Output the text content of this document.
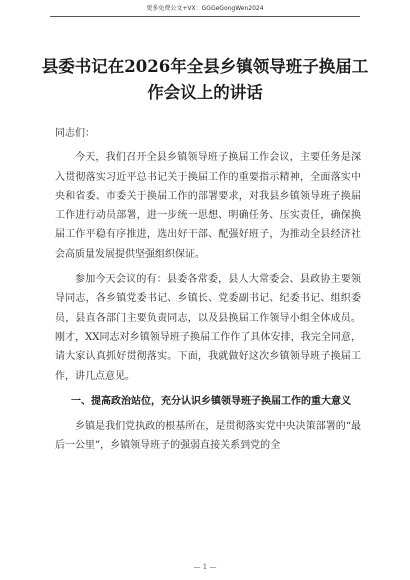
更多免费公文+VX：GGGeGongWen2024
县委书记在2026年全县乡镇领导班子换届工作会议上的讲话

同志们：

今天，我们召开全县乡镇领导班子换届工作会议，主要任务是深入贯彻落实习近平总书记关于换届工作的重要指示精神，全面落实中央和省委、市委关于换届工作的部署要求，对我县乡镇领导班子换届工作进行动员部署，进一步统一思想、明确任务、压实责任，确保换届工作平稳有序推进，选出好干部、配强好班子，为推动全县经济社会高质量发展提供坚强组织保证。

参加今天会议的有：县委各常委，县人大常委会、县政协主要领导同志，各乡镇党委书记、乡镇长、党委副书记、纪委书记、组织委员，县直各部门主要负责同志，以及县换届工作领导小组全体成员。刚才，XX同志对乡镇领导班子换届工作作了具体安排，我完全同意，请大家认真抓好贯彻落实。下面，我就做好这次乡镇领导班子换届工作，讲几点意见。

一、提高政治站位，充分认识乡镇领导班子换届工作的重大意义

乡镇是我们党执政的根基所在，是贯彻落实党中央决策部署的“最后一公里”，乡镇领导班子的强弱直接关系到党的全

— 1 —
